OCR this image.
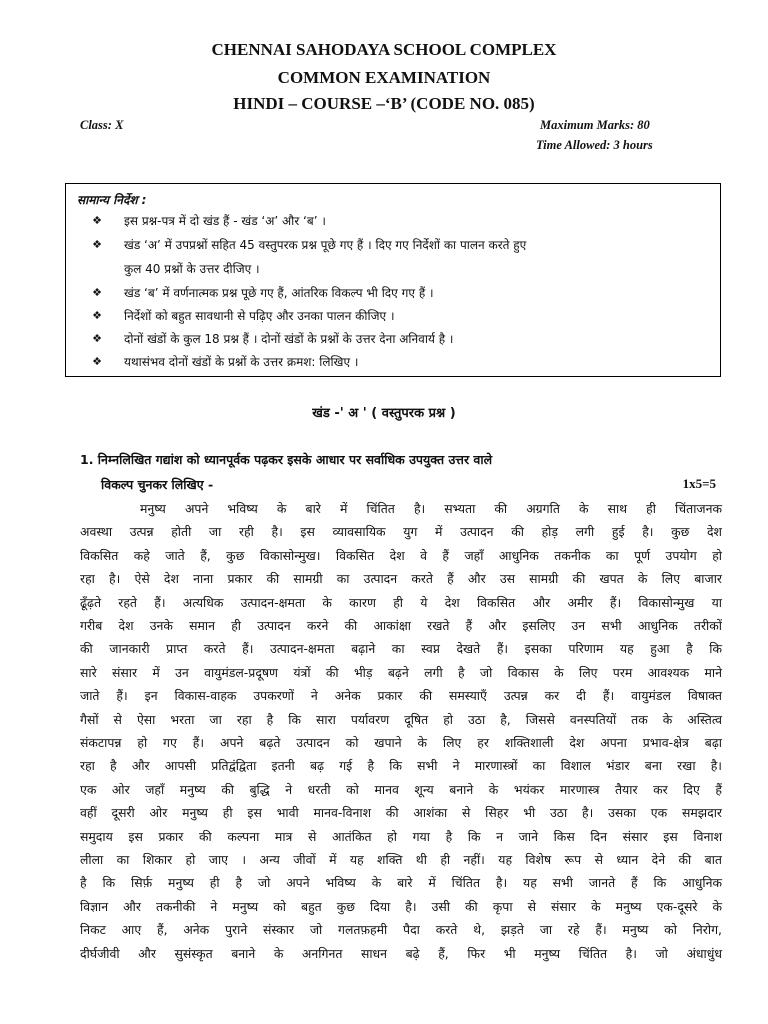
CHENNAI SAHODAYA SCHOOL COMPLEX
COMMON EXAMINATION
HINDI – COURSE –‘B’ (CODE NO. 085)
Class: X	Maximum Marks: 80
Time Allowed: 3 hours
सामान्य निर्देश :
❖ इस प्रश्न-पत्र में दो खंड हैं - खंड ‘अ’ और ‘ब’ ।
❖ खंड ‘अ’ में उपप्रश्नों सहित 45 वस्तुपरक प्रश्न पूछे गए हैं । दिए गए निर्देशों का पालन करते हुए
कुल 40 प्रश्नों के उत्तर दीजिए ।
❖ खंड ‘ब’ में वर्णनात्मक प्रश्न पूछे गए हैं, आंतरिक विकल्प भी दिए गए हैं ।
❖ निर्देशों को बहुत सावधानी से पढ़िए और उनका पालन कीजिए ।
❖ दोनों खंडों के कुल 18 प्रश्न हैं । दोनों खंडों के प्रश्नों के उत्तर देना अनिवार्य है ।
❖ यथासंभव दोनों खंडों के प्रश्नों के उत्तर क्रमश: लिखिए ।
खंड -' अ ' ( वस्तुपरक प्रश्न )
1. निम्नलिखित गद्यांश को ध्यानपूर्वक पढ़कर इसके आधार पर सर्वाधिक उपयुक्त उत्तर वाले
विकल्प चुनकर लिखिए -	1x5=5
मनुष्य अपने भविष्य के बारे में चिंतित है। सभ्यता की अग्रगति के साथ ही चिंताजनक
अवस्था उत्पन्न होती जा रही है। इस व्यावसायिक युग में उत्पादन की होड़ लगी हुई है। कुछ देश
विकसित कहे जाते हैं, कुछ विकासोन्मुख। विकसित देश वे हैं जहाँ आधुनिक तकनीक का पूर्ण उपयोग हो
रहा है। ऐसे देश नाना प्रकार की सामग्री का उत्पादन करते हैं और उस सामग्री की खपत के लिए बाजार
ढूँढ़ते रहते हैं। अत्यधिक उत्पादन-क्षमता के कारण ही ये देश विकसित और अमीर हैं। विकासोन्मुख या
गरीब देश उनके समान ही उत्पादन करने की आकांक्षा रखते हैं और इसलिए उन सभी आधुनिक तरीकों
की जानकारी प्राप्त करते हैं। उत्पादन-क्षमता बढ़ाने का स्वप्न देखते हैं। इसका परिणाम यह हुआ है कि
सारे संसार में उन वायुमंडल-प्रदूषण यंत्रों की भीड़ बढ़ने लगी है जो विकास के लिए परम आवश्यक माने
जाते हैं। इन विकास-वाहक उपकरणों ने अनेक प्रकार की समस्याएँ उत्पन्न कर दी हैं। वायुमंडल विषाक्त
गैसों से ऐसा भरता जा रहा है कि सारा पर्यावरण दूषित हो उठा है, जिससे वनस्पतियों तक के अस्तित्व
संकटापन्न हो गए हैं। अपने बढ़ते उत्पादन को खपाने के लिए हर शक्तिशाली देश अपना प्रभाव-क्षेत्र बढ़ा
रहा है और आपसी प्रतिद्वंद्विता इतनी बढ़ गई है कि सभी ने मारणास्त्रों का विशाल भंडार बना रखा है।
एक ओर जहाँ मनुष्य की बुद्धि ने धरती को मानव शून्य बनाने के भयंकर मारणास्त्र तैयार कर दिए हैं
वहीं दूसरी ओर मनुष्य ही इस भावी मानव-विनाश की आशंका से सिहर भी उठा है। उसका एक समझदार
समुदाय इस प्रकार की कल्पना मात्र से आतंकित हो गया है कि न जाने किस दिन संसार इस विनाश
लीला का शिकार हो जाए । अन्य जीवों में यह शक्ति थी ही नहीं। यह विशेष रूप से ध्यान देने की बात
है कि सिर्फ़ मनुष्य ही है जो अपने भविष्य के बारे में चिंतित है। यह सभी जानते हैं कि आधुनिक
विज्ञान और तकनीकी ने मनुष्य को बहुत कुछ दिया है। उसी की कृपा से संसार के मनुष्य एक-दूसरे के
निकट आए हैं, अनेक पुराने संस्कार जो गलतफ़हमी पैदा करते थे, झड़ते जा रहे हैं। मनुष्य को निरोग,
दीर्घजीवी और सुसंस्कृत बनाने के अनगिनत साधन बढ़े हैं, फिर भी मनुष्य चिंतित है। जो अंधाधुंध
